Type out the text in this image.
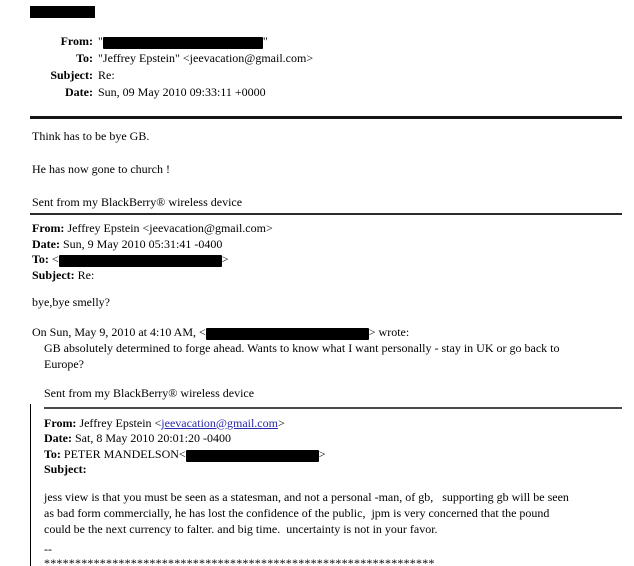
From: "	"
To: "Jeffrey Epstein" <jeevacation@gmail.com>
Subject: Re:
Date: Sun, 09 May 2010 09:33:11 +0000
Think has to be bye GB.
He has now gone to church !
Sent from my BlackBerry® wireless device
From: Jeffrey Epstein <jeevacation@gmail.com>
Date: Sun, 9 May 2010 05:31:41 -0400
To: <	>
Subject: Re:
bye,bye smelly?
On Sun, May 9, 2010 at 4:10 AM, <	> wrote:
GB absolutely determined to forge ahead. Wants to know what I want personally - stay in UK or go back to
Europe?
Sent from my BlackBerry® wireless device
From: Jeffrey Epstein <jeevacation@gmail.com>
Date: Sat, 8 May 2010 20:01:20 -0400
To: PETER MANDELSON<	>
Subject:
jess view is that you must be seen as a statesman, and not a personal -man, of gb,   supporting gb will be seen
as bad form commercially, he has lost the confidence of the public,  jpm is very concerned that the pound
could be the next currency to falter. and big time.  uncertainty is not in your favor.
--
***************************************************************
